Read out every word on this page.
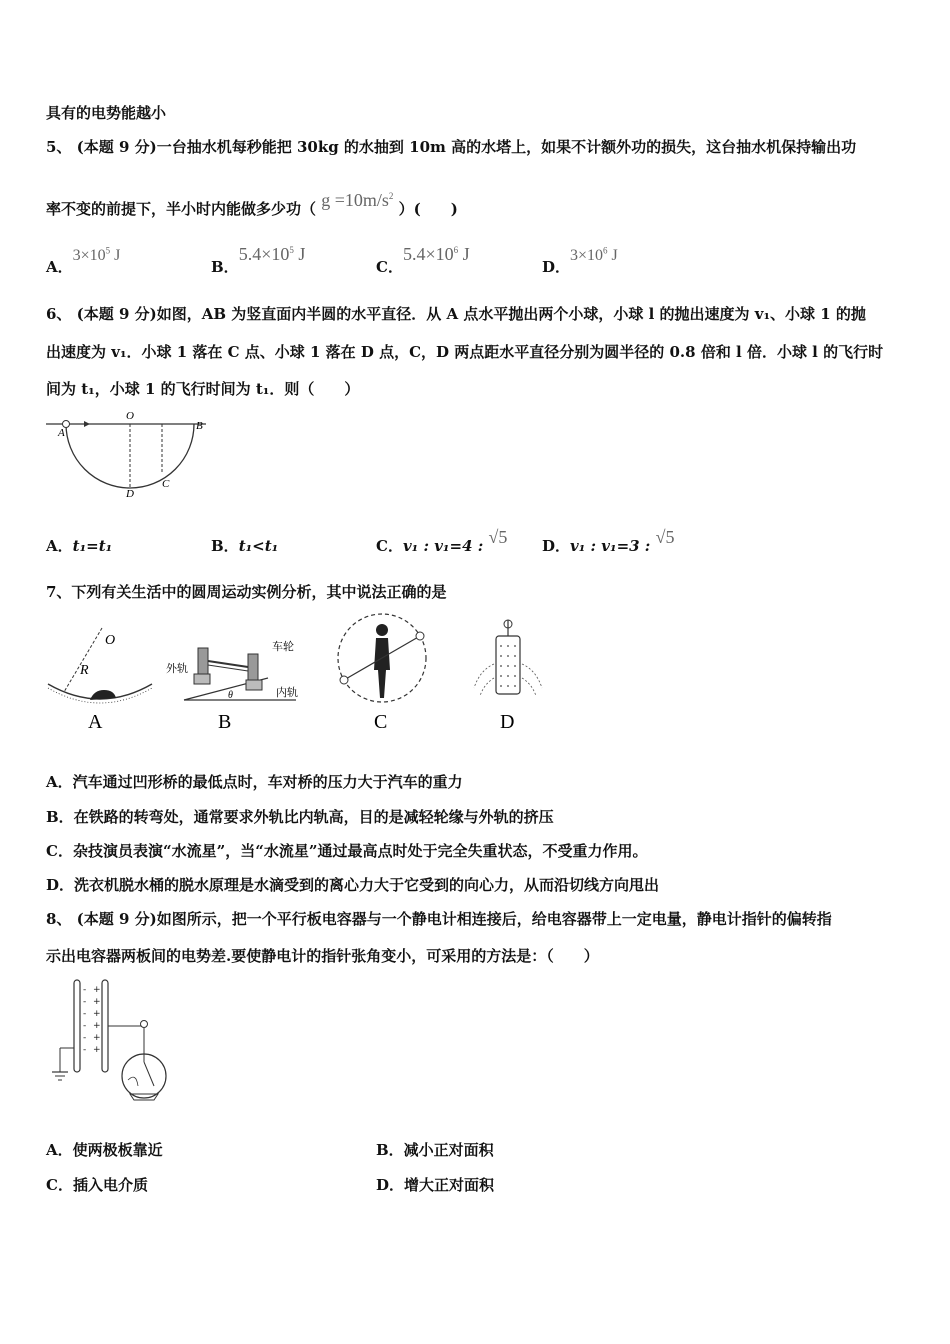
具有的电势能越小
5、 (本题 9 分)一台抽水机每秒能把 30kg 的水抽到 10m 高的水塔上，如果不计额外功的损失，这台抽水机保持输出功
率不变的前提下，半小时内能做多少功（ $g =10m/s^2$ ）(　　)
A．$3\times 10^5$ J
B．$5.4\times 10^5$ J
C．$5.4\times 10^6$ J
D．$3\times 10^6$ J
6、 (本题 9 分)如图，AB 为竖直面内半圆的水平直径．从 A 点水平抛出两个小球，小球 l 的抛出速度为 v₁、小球 1 的抛
出速度为 v₁．小球 1 落在 C 点、小球 1 落在 D 点，C，D 两点距水平直径分别为圆半径的 0.8 倍和 l 倍．小球 l 的飞行时
间为 t₁，小球 1 的飞行时间为 t₁．则（　　）
A
O
B
D
C
A．t₁=t₁	B．t₁<t₁	C．v₁ : v₁=4 : √5 D．v₁ : v₁=3 : √5
7、下列有关生活中的圆周运动实例分析，其中说法正确的是
O
R
A
外轨
车轮
内轨
θ
B	C	D
A．汽车通过凹形桥的最低点时，车对桥的压力大于汽车的重力
B．在铁路的转弯处，通常要求外轨比内轨高，目的是减轻轮缘与外轨的挤压
C．杂技演员表演“水流星”，当“水流星”通过最高点时处于完全失重状态，不受重力作用。
D．洗衣机脱水桶的脱水原理是水滴受到的离心力大于它受到的向心力，从而沿切线方向甩出
8、 (本题 9 分)如图所示，把一个平行板电容器与一个静电计相连接后，给电容器带上一定电量，静电计指针的偏转指
示出电容器两板间的电势差.要使静电计的指针张角变小，可采用的方法是：（　　）
-
-
-
-
-
-
+
+
+
+
+
+
A．使两极板靠近	B．减小正对面积
C．插入电介质	D．增大正对面积
